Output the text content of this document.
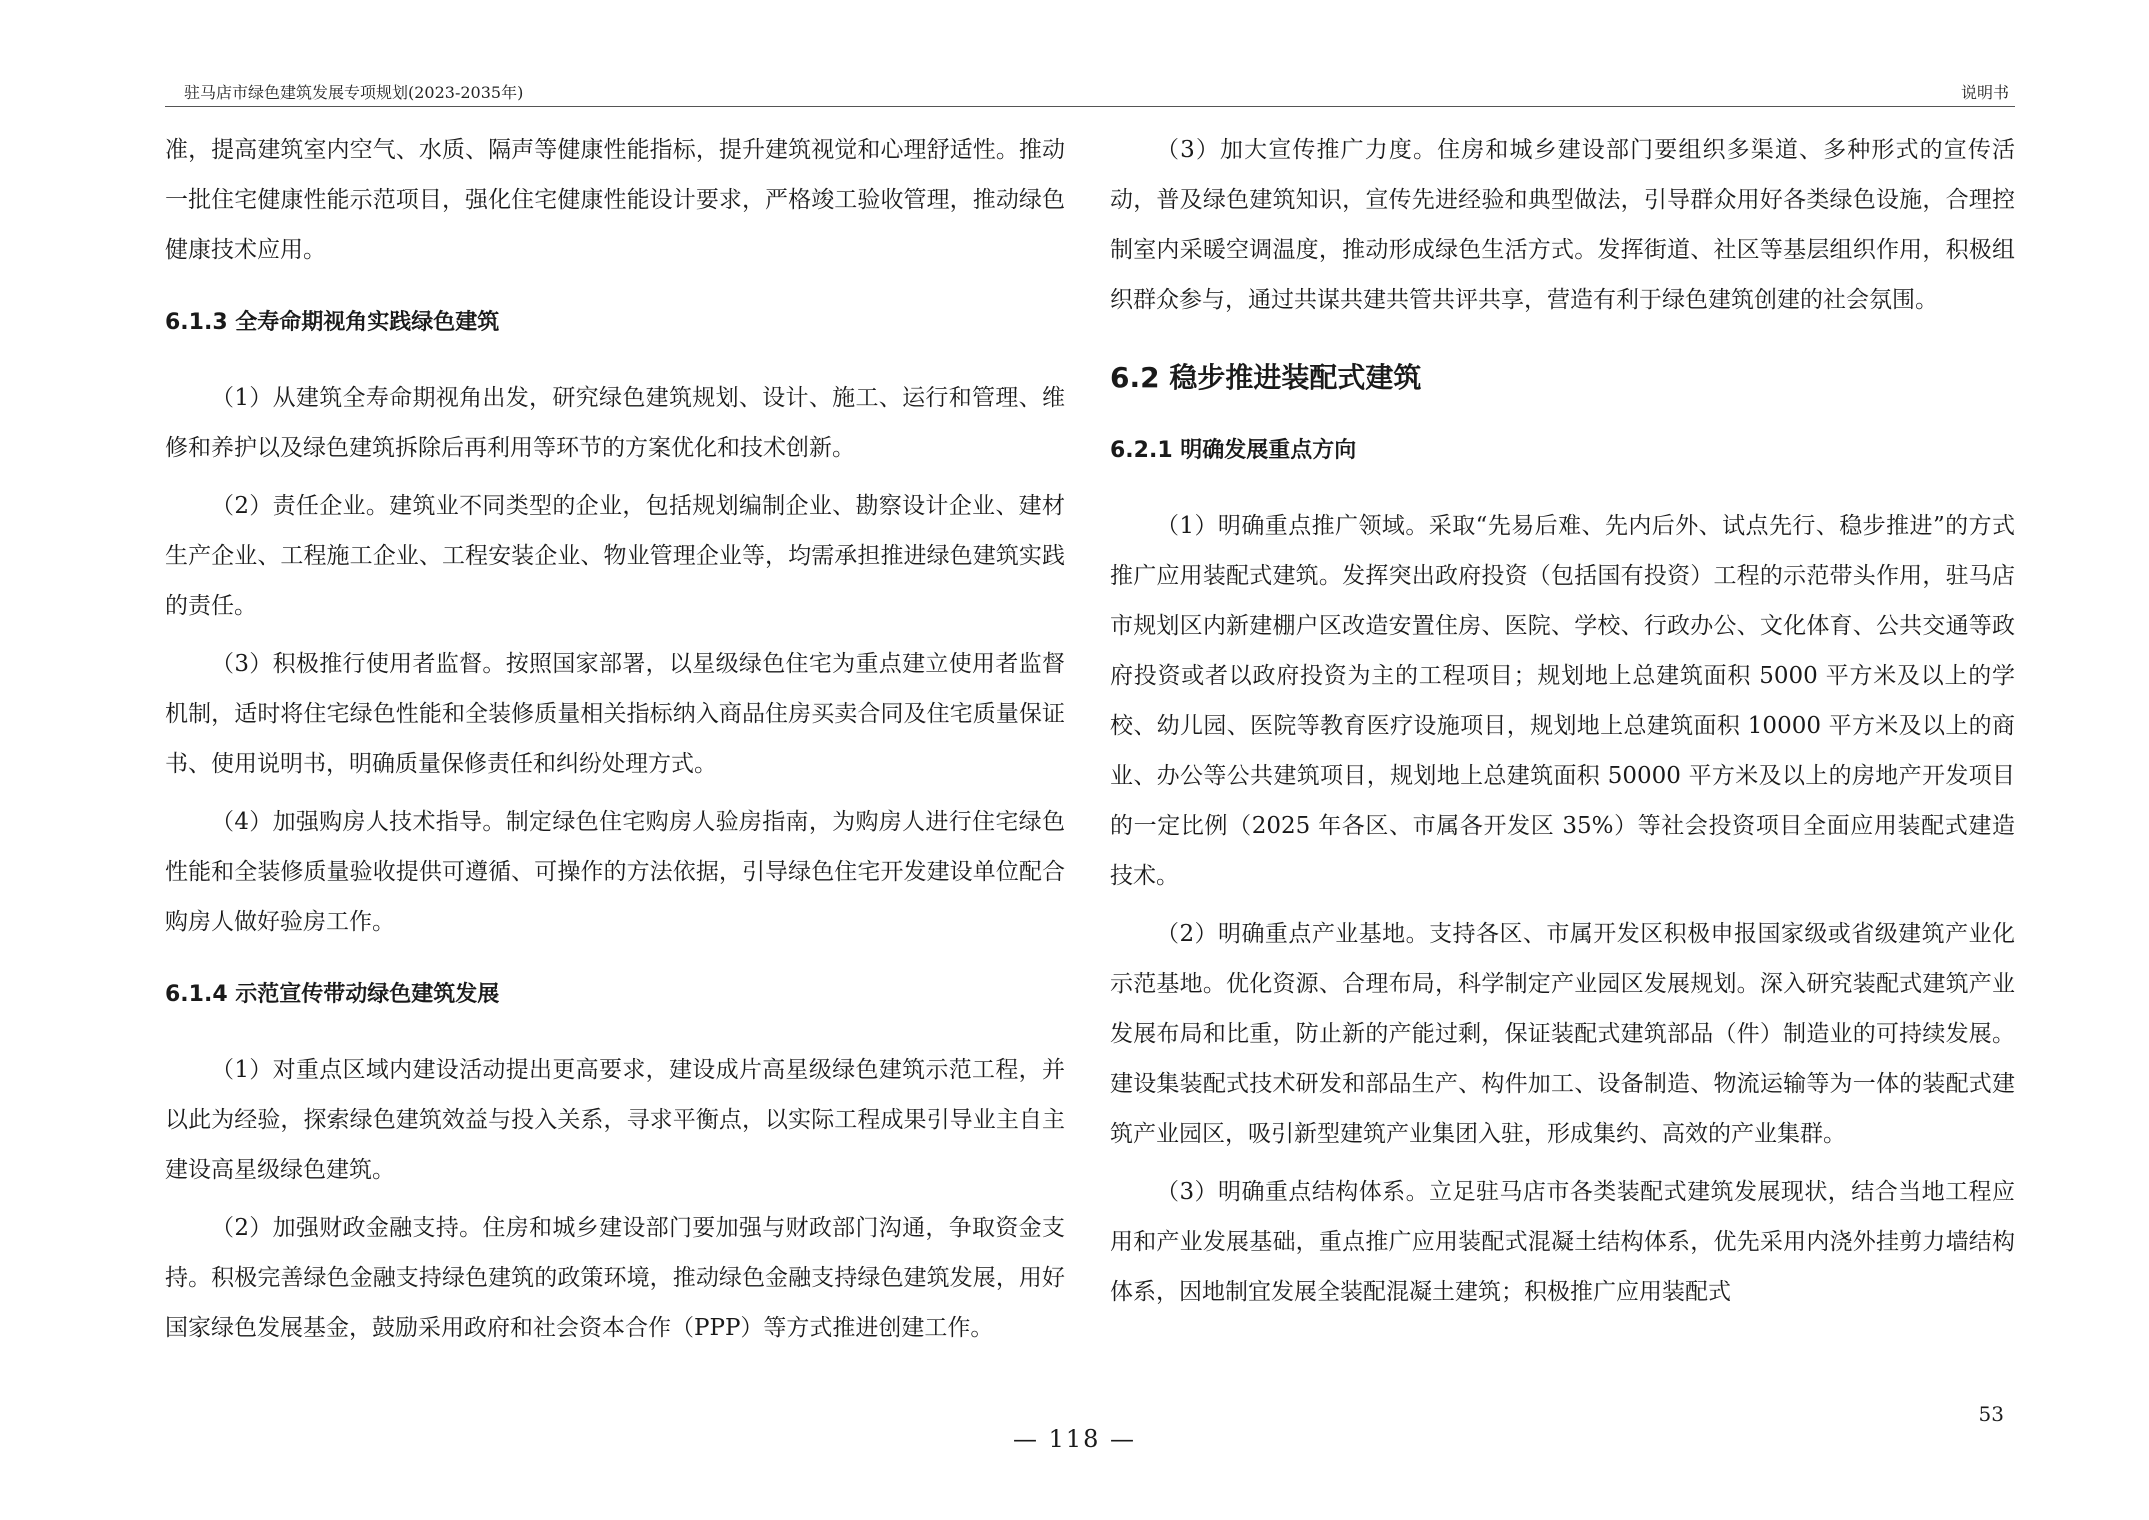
驻马店市绿色建筑发展专项规划(2023-2035年)	说明书

准，提高建筑室内空气、水质、隔声等健康性能指标，提升建筑视觉和心理舒适性。推动一批住宅健康性能示范项目，强化住宅健康性能设计要求，严格竣工验收管理，推动绿色健康技术应用。

6.1.3 全寿命期视角实践绿色建筑

（1）从建筑全寿命期视角出发，研究绿色建筑规划、设计、施工、运行和管理、维修和养护以及绿色建筑拆除后再利用等环节的方案优化和技术创新。

（2）责任企业。建筑业不同类型的企业，包括规划编制企业、勘察设计企业、建材生产企业、工程施工企业、工程安装企业、物业管理企业等，均需承担推进绿色建筑实践的责任。

（3）积极推行使用者监督。按照国家部署，以星级绿色住宅为重点建立使用者监督机制，适时将住宅绿色性能和全装修质量相关指标纳入商品住房买卖合同及住宅质量保证书、使用说明书，明确质量保修责任和纠纷处理方式。

（4）加强购房人技术指导。制定绿色住宅购房人验房指南，为购房人进行住宅绿色性能和全装修质量验收提供可遵循、可操作的方法依据，引导绿色住宅开发建设单位配合购房人做好验房工作。

6.1.4 示范宣传带动绿色建筑发展

（1）对重点区域内建设活动提出更高要求，建设成片高星级绿色建筑示范工程，并以此为经验，探索绿色建筑效益与投入关系，寻求平衡点，以实际工程成果引导业主自主建设高星级绿色建筑。

（2）加强财政金融支持。住房和城乡建设部门要加强与财政部门沟通，争取资金支持。积极完善绿色金融支持绿色建筑的政策环境，推动绿色金融支持绿色建筑发展，用好国家绿色发展基金，鼓励采用政府和社会资本合作（PPP）等方式推进创建工作。

（3）加大宣传推广力度。住房和城乡建设部门要组织多渠道、多种形式的宣传活动，普及绿色建筑知识，宣传先进经验和典型做法，引导群众用好各类绿色设施，合理控制室内采暖空调温度，推动形成绿色生活方式。发挥街道、社区等基层组织作用，积极组织群众参与，通过共谋共建共管共评共享，营造有利于绿色建筑创建的社会氛围。

6.2 稳步推进装配式建筑
6.2.1 明确发展重点方向

（1）明确重点推广领域。采取“先易后难、先内后外、试点先行、稳步推进”的方式推广应用装配式建筑。发挥突出政府投资（包括国有投资）工程的示范带头作用，驻马店市规划区内新建棚户区改造安置住房、医院、学校、行政办公、文化体育、公共交通等政府投资或者以政府投资为主的工程项目；规划地上总建筑面积 5000 平方米及以上的学校、幼儿园、医院等教育医疗设施项目，规划地上总建筑面积 10000 平方米及以上的商业、办公等公共建筑项目，规划地上总建筑面积 50000 平方米及以上的房地产开发项目的一定比例（2025 年各区、市属各开发区 35%）等社会投资项目全面应用装配式建造技术。

（2）明确重点产业基地。支持各区、市属开发区积极申报国家级或省级建筑产业化示范基地。优化资源、合理布局，科学制定产业园区发展规划。深入研究装配式建筑产业发展布局和比重，防止新的产能过剩，保证装配式建筑部品（件）制造业的可持续发展。建设集装配式技术研发和部品生产、构件加工、设备制造、物流运输等为一体的装配式建筑产业园区，吸引新型建筑产业集团入驻，形成集约、高效的产业集群。

（3）明确重点结构体系。立足驻马店市各类装配式建筑发展现状，结合当地工程应用和产业发展基础，重点推广应用装配式混凝土结构体系，优先采用内浇外挂剪力墙结构体系，因地制宜发展全装配混凝土建筑；积极推广应用装配式

53
— 118 —
